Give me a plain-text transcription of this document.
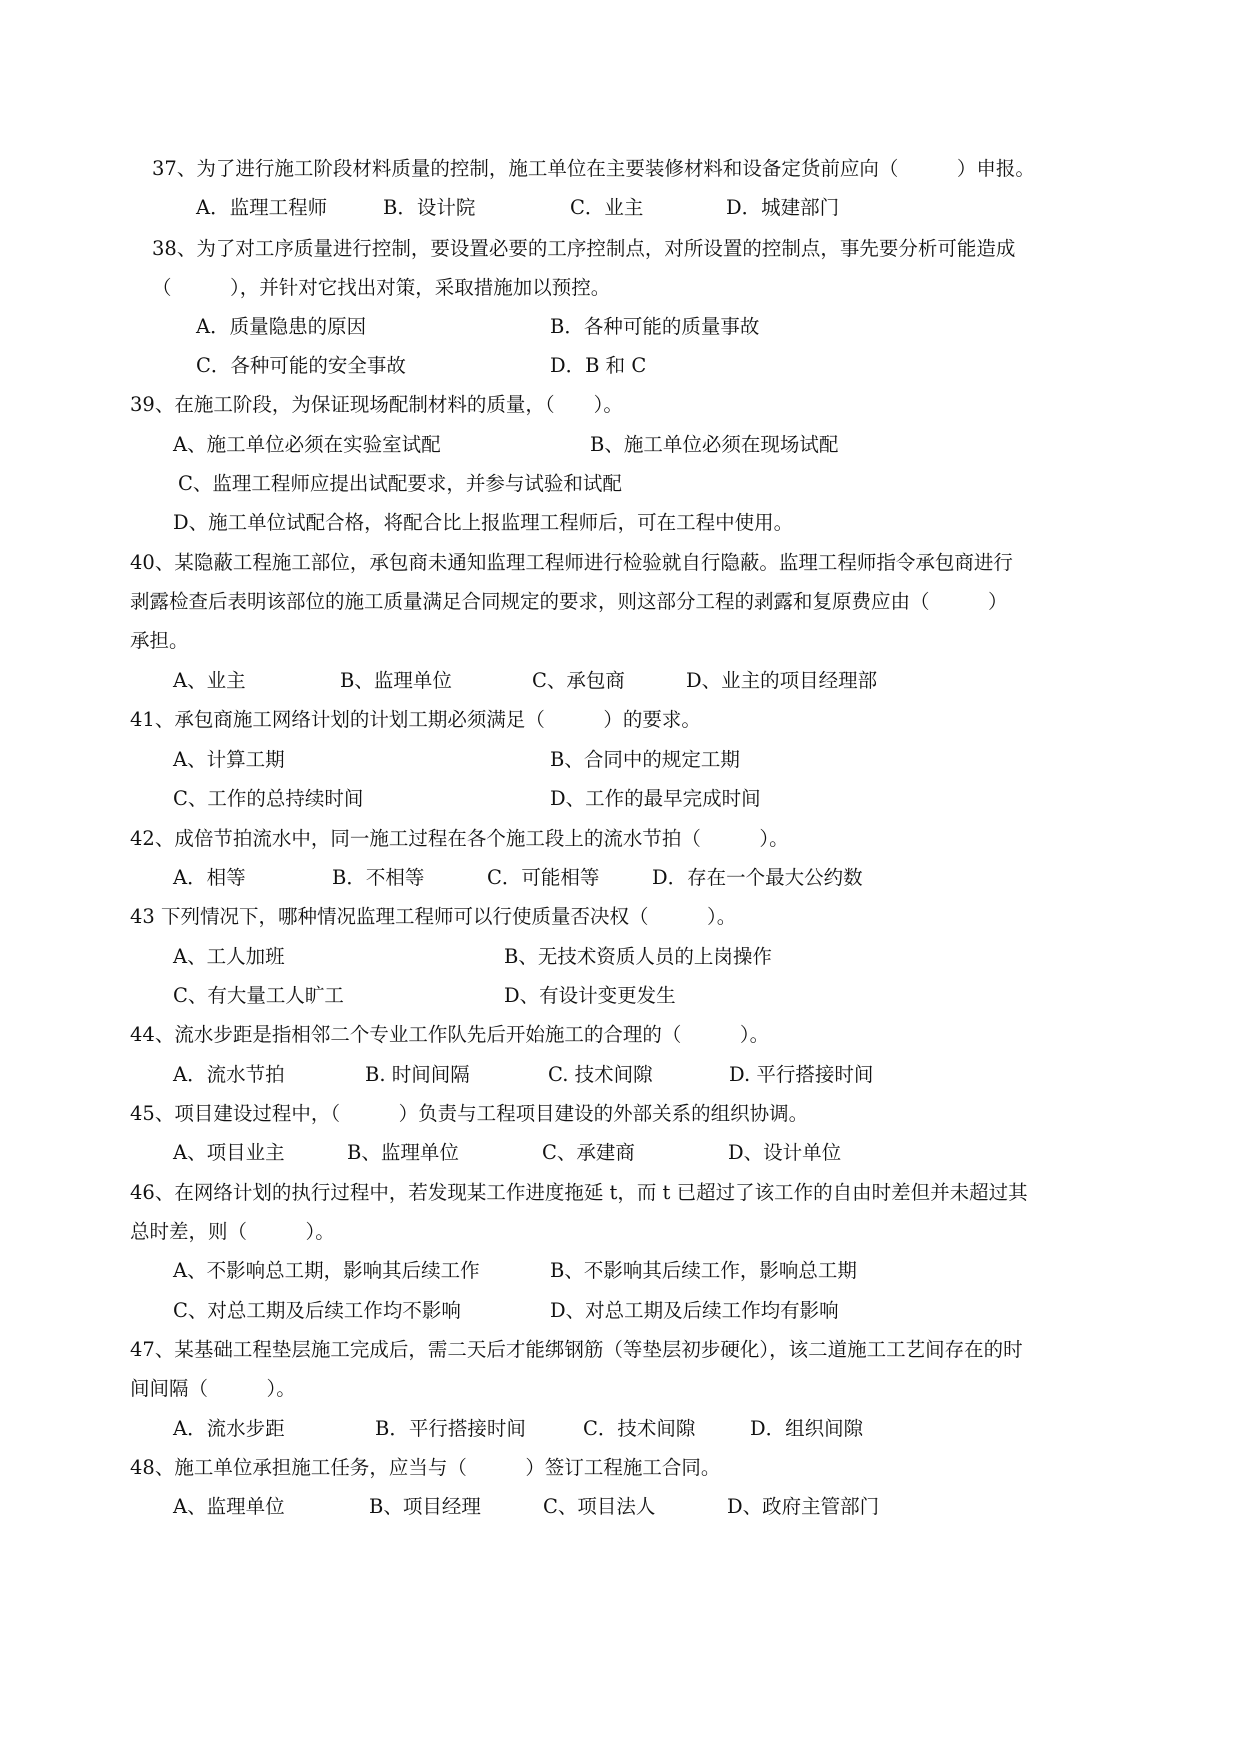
37、为了进行施工阶段材料质量的控制，施工单位在主要装修材料和设备定货前应向（　　　）申报。
A．监理工程师	B．设计院	C．业主	D．城建部门
38、为了对工序质量进行控制，要设置必要的工序控制点，对所设置的控制点，事先要分析可能造成
（　　　），并针对它找出对策，采取措施加以预控。
A．质量隐患的原因	B．各种可能的质量事故
C．各种可能的安全事故	D．B 和 C
39、在施工阶段，为保证现场配制材料的质量，（　　）。
A、施工单位必须在实验室试配	B、施工单位必须在现场试配
C、监理工程师应提出试配要求，并参与试验和试配
D、施工单位试配合格，将配合比上报监理工程师后，可在工程中使用。
40、某隐蔽工程施工部位，承包商未通知监理工程师进行检验就自行隐蔽。监理工程师指令承包商进行
剥露检查后表明该部位的施工质量满足合同规定的要求，则这部分工程的剥露和复原费应由（　　　）
承担。
A、业主	B、监理单位	C、承包商	D、业主的项目经理部
41、承包商施工网络计划的计划工期必须满足（　　　）的要求。
A、计算工期	B、合同中的规定工期
C、工作的总持续时间	D、工作的最早完成时间
42、成倍节拍流水中，同一施工过程在各个施工段上的流水节拍（　　　）。
A．相等	B．不相等	C．可能相等	D．存在一个最大公约数
43 下列情况下，哪种情况监理工程师可以行使质量否决权（　　　）。
A、工人加班	B、无技术资质人员的上岗操作
C、有大量工人旷工	D、有设计变更发生
44、流水步距是指相邻二个专业工作队先后开始施工的合理的（　　　）。
A．流水节拍	B. 时间间隔	C. 技术间隙	D. 平行搭接时间
45、项目建设过程中，（　　　）负责与工程项目建设的外部关系的组织协调。
A、项目业主	B、监理单位	C、承建商	D、设计单位
46、在网络计划的执行过程中，若发现某工作进度拖延 t，而 t 已超过了该工作的自由时差但并未超过其
总时差，则（　　　）。
A、不影响总工期，影响其后续工作	B、不影响其后续工作，影响总工期
C、对总工期及后续工作均不影响	D、对总工期及后续工作均有影响
47、某基础工程垫层施工完成后，需二天后才能绑钢筋（等垫层初步硬化），该二道施工工艺间存在的时
间间隔（　　　）。
A．流水步距	B．平行搭接时间	C．技术间隙	D．组织间隙
48、施工单位承担施工任务，应当与（　　　）签订工程施工合同。
A、监理单位	B、项目经理	C、项目法人	D、政府主管部门
